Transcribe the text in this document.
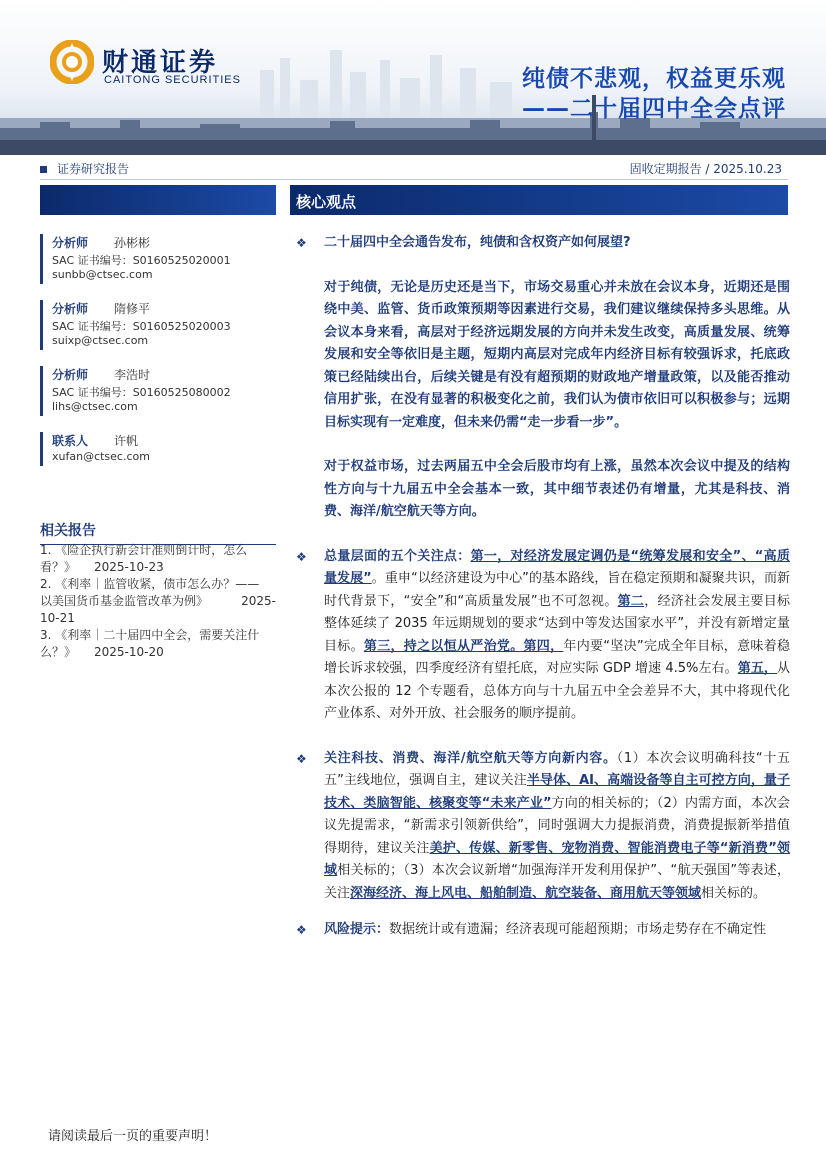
财通证券
CAITONG SECURITIES	纯债不悲观，权益更乐观
——二十届四中全会点评
证券研究报告	固收定期报告 / 2025.10.23
分析师 孙彬彬
SAC 证书编号：S0160525020001
sunbb@ctsec.com
分析师 隋修平
SAC 证书编号：S0160525020003
suixp@ctsec.com
分析师 李浩时
SAC 证书编号：S0160525080002
lihs@ctsec.com
联系人 许帆
xufan@ctsec.com
相关报告
1. 《险企执行新会计准则倒计时，怎么
看？》 2025-10-23
2. 《利率｜监管收紧，债市怎么办？——
以美国货币基金监管改革为例》	2025-
10-21
3. 《利率｜二十届四中全会，需要关注什
么？》 2025-10-20
核心观点
❖ 二十届四中全会通告发布，纯债和含权资产如何展望?
对于纯债，无论是历史还是当下，市场交易重心并未放在会议本身，近期还是围绕中美、监管、货币政策预期等因素进行交易，我们建议继续保持多头思维。从会议本身来看，高层对于经济远期发展的方向并未发生改变，高质量发展、统筹发展和安全等依旧是主题，短期内高层对完成年内经济目标有较强诉求，托底政策已经陆续出台，后续关键是有没有超预期的财政地产增量政策，以及能否推动信用扩张，在没有显著的积极变化之前，我们认为债市依旧可以积极参与；远期目标实现有一定难度，但未来仍需“走一步看一步”。
对于权益市场，过去两届五中全会后股市均有上涨，虽然本次会议中提及的结构性方向与十九届五中全会基本一致，其中细节表述仍有增量，尤其是科技、消费、海洋/航空航天等方向。
❖ 总量层面的五个关注点：第一，对经济发展定调仍是“统筹发展和安全”、“高质量发展”。重申“以经济建设为中心”的基本路线，旨在稳定预期和凝聚共识，而新时代背景下，“安全”和“高质量发展”也不可忽视。第二，经济社会发展主要目标整体延续了 2035 年远期规划的要求“达到中等发达国家水平”，并没有新增定量目标。第三，持之以恒从严治党。第四，年内要“坚决”完成全年目标，意味着稳增长诉求较强，四季度经济有望托底，对应实际 GDP 增速 4.5%左右。第五，从本次公报的 12 个专题看，总体方向与十九届五中全会差异不大，其中将现代化产业体系、对外开放、社会服务的顺序提前。
❖ 关注科技、消费、海洋/航空航天等方向新内容。（1）本次会议明确科技“十五五”主线地位，强调自主，建议关注半导体、AI、高端设备等自主可控方向，量子技术、类脑智能、核聚变等“未来产业”方向的相关标的；（2）内需方面，本次会议先提需求，“新需求引领新供给”，同时强调大力提振消费，消费提振新举措值得期待，建议关注美护、传媒、新零售、宠物消费、智能消费电子等“新消费”领域相关标的；（3）本次会议新增“加强海洋开发利用保护”、“航天强国”等表述，关注深海经济、海上风电、船舶制造、航空装备、商用航天等领域相关标的。
❖ 风险提示：数据统计或有遗漏；经济表现可能超预期；市场走势存在不确定性
请阅读最后一页的重要声明！
